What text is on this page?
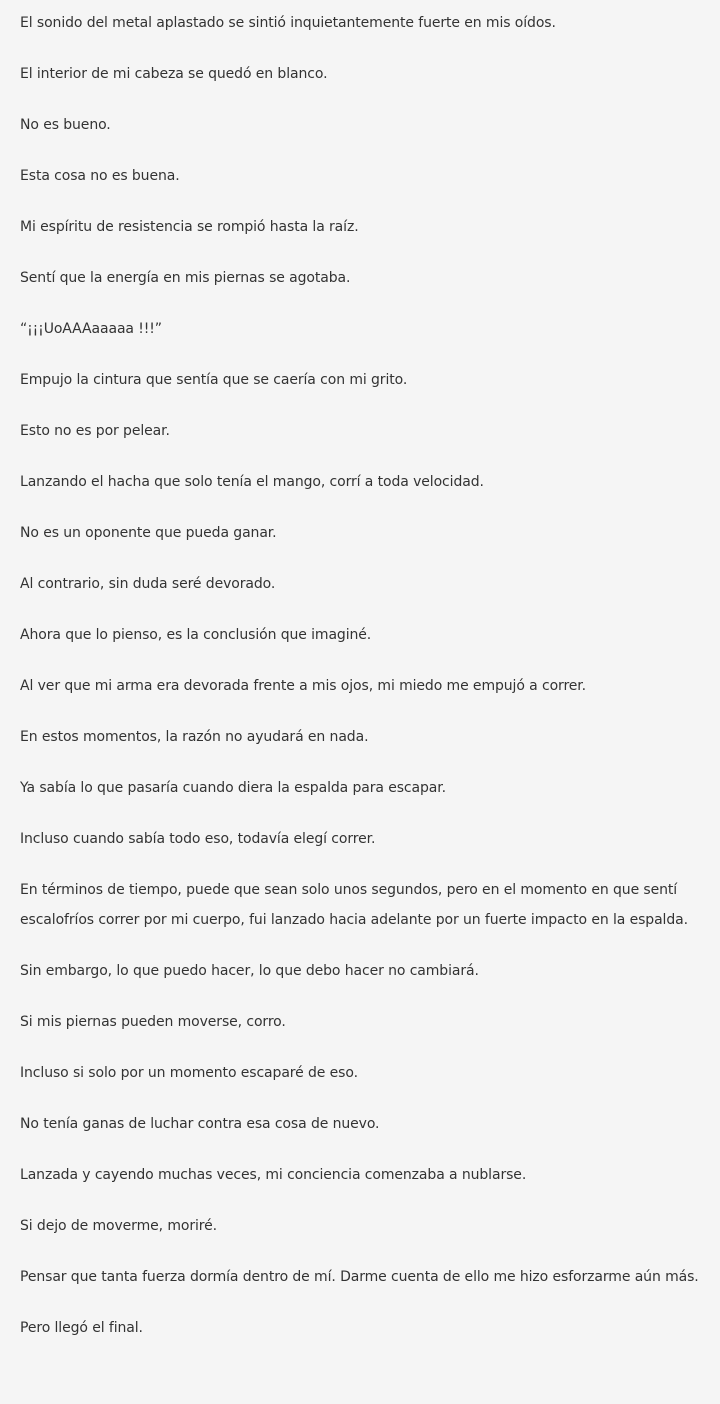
El sonido del metal aplastado se sintió inquietantemente fuerte en mis oídos.

El interior de mi cabeza se quedó en blanco.

No es bueno.

Esta cosa no es buena.

Mi espíritu de resistencia se rompió hasta la raíz.

Sentí que la energía en mis piernas se agotaba.

“¡¡¡UoAAAaaaaa !!!”

Empujo la cintura que sentía que se caería con mi grito.

Esto no es por pelear.

Lanzando el hacha que solo tenía el mango, corrí a toda velocidad.

No es un oponente que pueda ganar.

Al contrario, sin duda seré devorado.

Ahora que lo pienso, es la conclusión que imaginé.

Al ver que mi arma era devorada frente a mis ojos, mi miedo me empujó a correr.

En estos momentos, la razón no ayudará en nada.

Ya sabía lo que pasaría cuando diera la espalda para escapar.

Incluso cuando sabía todo eso, todavía elegí correr.

En términos de tiempo, puede que sean solo unos segundos, pero en el momento en que sentí escalofríos correr por mi cuerpo, fui lanzado hacia adelante por un fuerte impacto en la espalda.

Sin embargo, lo que puedo hacer, lo que debo hacer no cambiará.

Si mis piernas pueden moverse, corro.

Incluso si solo por un momento escaparé de eso.

No tenía ganas de luchar contra esa cosa de nuevo.

Lanzada y cayendo muchas veces, mi conciencia comenzaba a nublarse.

Si dejo de moverme, moriré.

Pensar que tanta fuerza dormía dentro de mí. Darme cuenta de ello me hizo esforzarme aún más.

Pero llegó el final.
